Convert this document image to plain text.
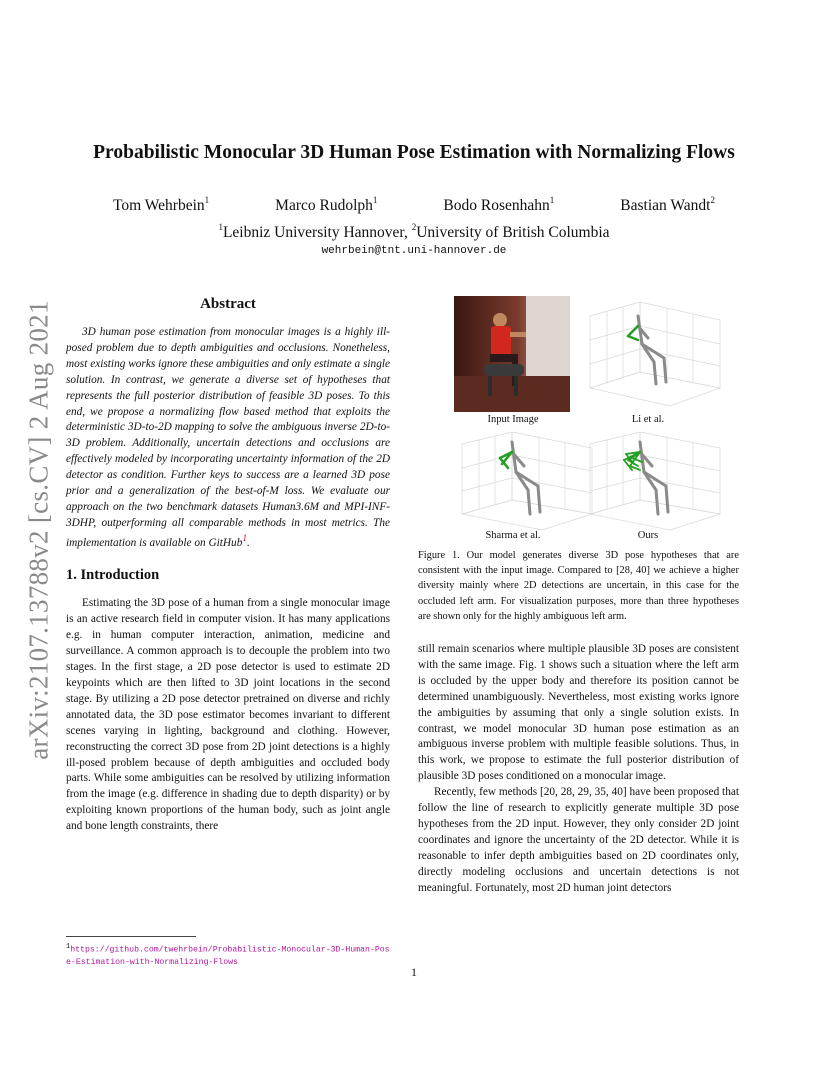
arXiv:2107.13788v2 [cs.CV] 2 Aug 2021
Probabilistic Monocular 3D Human Pose Estimation with Normalizing Flows
Tom Wehrbein$^1$	Marco Rudolph$^1$	Bodo Rosenhahn$^1$	Bastian Wandt$^2$
$^1$Leibniz University Hannover, $^2$University of British Columbia
wehrbein@tnt.uni-hannover.de
Abstract

3D human pose estimation from monocular images is a highly ill-posed problem due to depth ambiguities and occlusions. Nonetheless, most existing works ignore these ambiguities and only estimate a single solution. In contrast, we generate a diverse set of hypotheses that represents the full posterior distribution of feasible 3D poses. To this end, we propose a normalizing flow based method that exploits the deterministic 3D-to-2D mapping to solve the ambiguous inverse 2D-to-3D problem. Additionally, uncertain detections and occlusions are effectively modeled by incorporating uncertainty information of the 2D detector as condition. Further keys to success are a learned 3D pose prior and a generalization of the best-of-M loss. We evaluate our approach on the two benchmark datasets Human3.6M and MPI-INF-3DHP, outperforming all comparable methods in most metrics. The implementation is available on GitHub$^1$.

1. Introduction

Estimating the 3D pose of a human from a single monocular image is an active research field in computer vision. It has many applications e.g. in human computer interaction, animation, medicine and surveillance. A common approach is to decouple the problem into two stages. In the first stage, a 2D pose detector is used to estimate 2D keypoints which are then lifted to 3D joint locations in the second stage. By utilizing a 2D pose detector pretrained on diverse and richly annotated data, the 3D pose estimator becomes invariant to different scenes varying in lighting, background and clothing. However, reconstructing the correct 3D pose from 2D joint detections is a highly ill-posed problem because of depth ambiguities and occluded body parts. While some ambiguities can be resolved by utilizing information from the image (e.g. difference in shading due to depth disparity) or by exploiting known proportions of the human body, such as joint angle and bone length constraints, there

$^1$https://github.com/twehrbein/Probabilistic-Monocular-3D-Human-Pose-Estimation-with-Normalizing-Flows
Input Image	Li et al.
Sharma et al.	Ours

Figure 1. Our model generates diverse 3D pose hypotheses that are consistent with the input image. Compared to [28, 40] we achieve a higher diversity mainly where 2D detections are uncertain, in this case for the occluded left arm. For visualization purposes, more than three hypotheses are shown only for the highly ambiguous left arm.

still remain scenarios where multiple plausible 3D poses are consistent with the same image. Fig. 1 shows such a situation where the left arm is occluded by the upper body and therefore its position cannot be determined unambiguously. Nevertheless, most existing works ignore the ambiguities by assuming that only a single solution exists. In contrast, we model monocular 3D human pose estimation as an ambiguous inverse problem with multiple feasible solutions. Thus, in this work, we propose to estimate the full posterior distribution of plausible 3D poses conditioned on a monocular image.

Recently, few methods [20, 28, 29, 35, 40] have been proposed that follow the line of research to explicitly generate multiple 3D pose hypotheses from the 2D input. However, they only consider 2D joint coordinates and ignore the uncertainty of the 2D detector. While it is reasonable to infer depth ambiguities based on 2D coordinates only, directly modeling occlusions and uncertain detections is not meaningful. Fortunately, most 2D human joint detectors

1
